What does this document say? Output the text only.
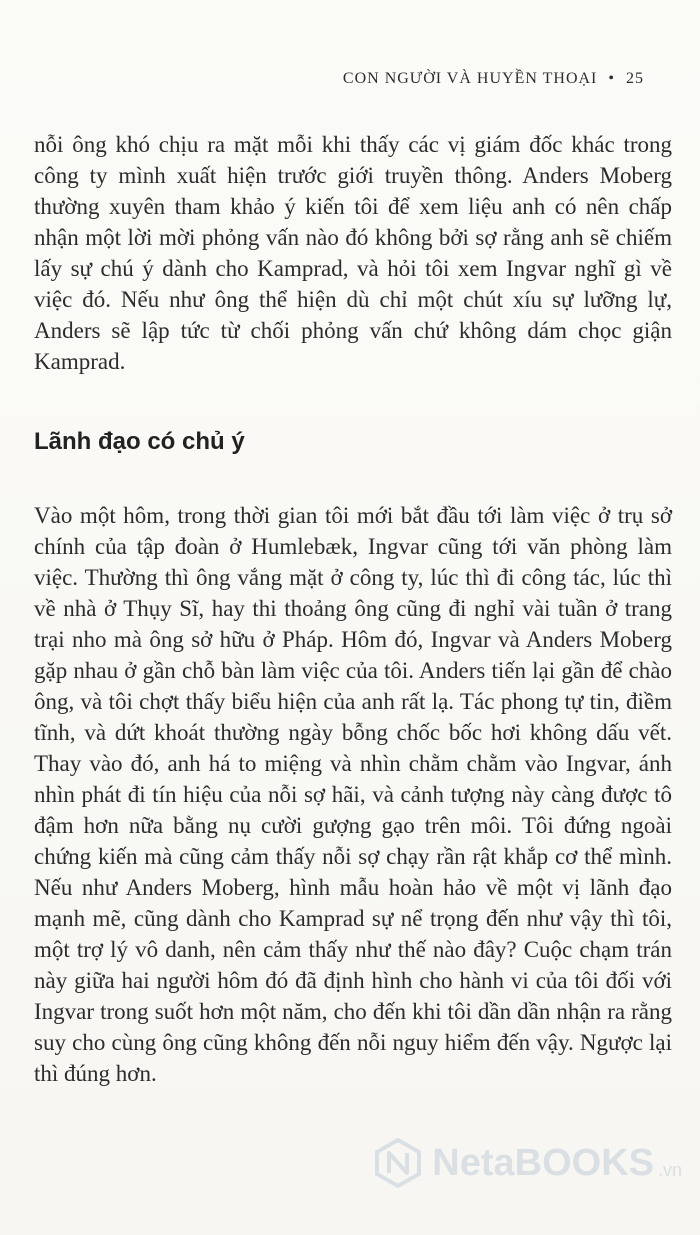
CON NGƯỜI VÀ HUYỀN THOẠI • 25

nỗi ông khó chịu ra mặt mỗi khi thấy các vị giám đốc khác trong công ty mình xuất hiện trước giới truyền thông. Anders Moberg thường xuyên tham khảo ý kiến tôi để xem liệu anh có nên chấp nhận một lời mời phỏng vấn nào đó không bởi sợ rằng anh sẽ chiếm lấy sự chú ý dành cho Kamprad, và hỏi tôi xem Ingvar nghĩ gì về việc đó. Nếu như ông thể hiện dù chỉ một chút xíu sự lưỡng lự, Anders sẽ lập tức từ chối phỏng vấn chứ không dám chọc giận Kamprad.

Lãnh đạo có chủ ý

Vào một hôm, trong thời gian tôi mới bắt đầu tới làm việc ở trụ sở chính của tập đoàn ở Humlebæk, Ingvar cũng tới văn phòng làm việc. Thường thì ông vắng mặt ở công ty, lúc thì đi công tác, lúc thì về nhà ở Thụy Sĩ, hay thi thoảng ông cũng đi nghỉ vài tuần ở trang trại nho mà ông sở hữu ở Pháp. Hôm đó, Ingvar và Anders Moberg gặp nhau ở gần chỗ bàn làm việc của tôi. Anders tiến lại gần để chào ông, và tôi chợt thấy biểu hiện của anh rất lạ. Tác phong tự tin, điềm tĩnh, và dứt khoát thường ngày bỗng chốc bốc hơi không dấu vết. Thay vào đó, anh há to miệng và nhìn chằm chằm vào Ingvar, ánh nhìn phát đi tín hiệu của nỗi sợ hãi, và cảnh tượng này càng được tô đậm hơn nữa bằng nụ cười gượng gạo trên môi. Tôi đứng ngoài chứng kiến mà cũng cảm thấy nỗi sợ chạy rần rật khắp cơ thể mình. Nếu như Anders Moberg, hình mẫu hoàn hảo về một vị lãnh đạo mạnh mẽ, cũng dành cho Kamprad sự nể trọng đến như vậy thì tôi, một trợ lý vô danh, nên cảm thấy như thế nào đây? Cuộc chạm trán này giữa hai người hôm đó đã định hình cho hành vi của tôi đối với Ingvar trong suốt hơn một năm, cho đến khi tôi dần dần nhận ra rằng suy cho cùng ông cũng không đến nỗi nguy hiểm đến vậy. Ngược lại thì đúng hơn.

NetaBOOKS .vn
